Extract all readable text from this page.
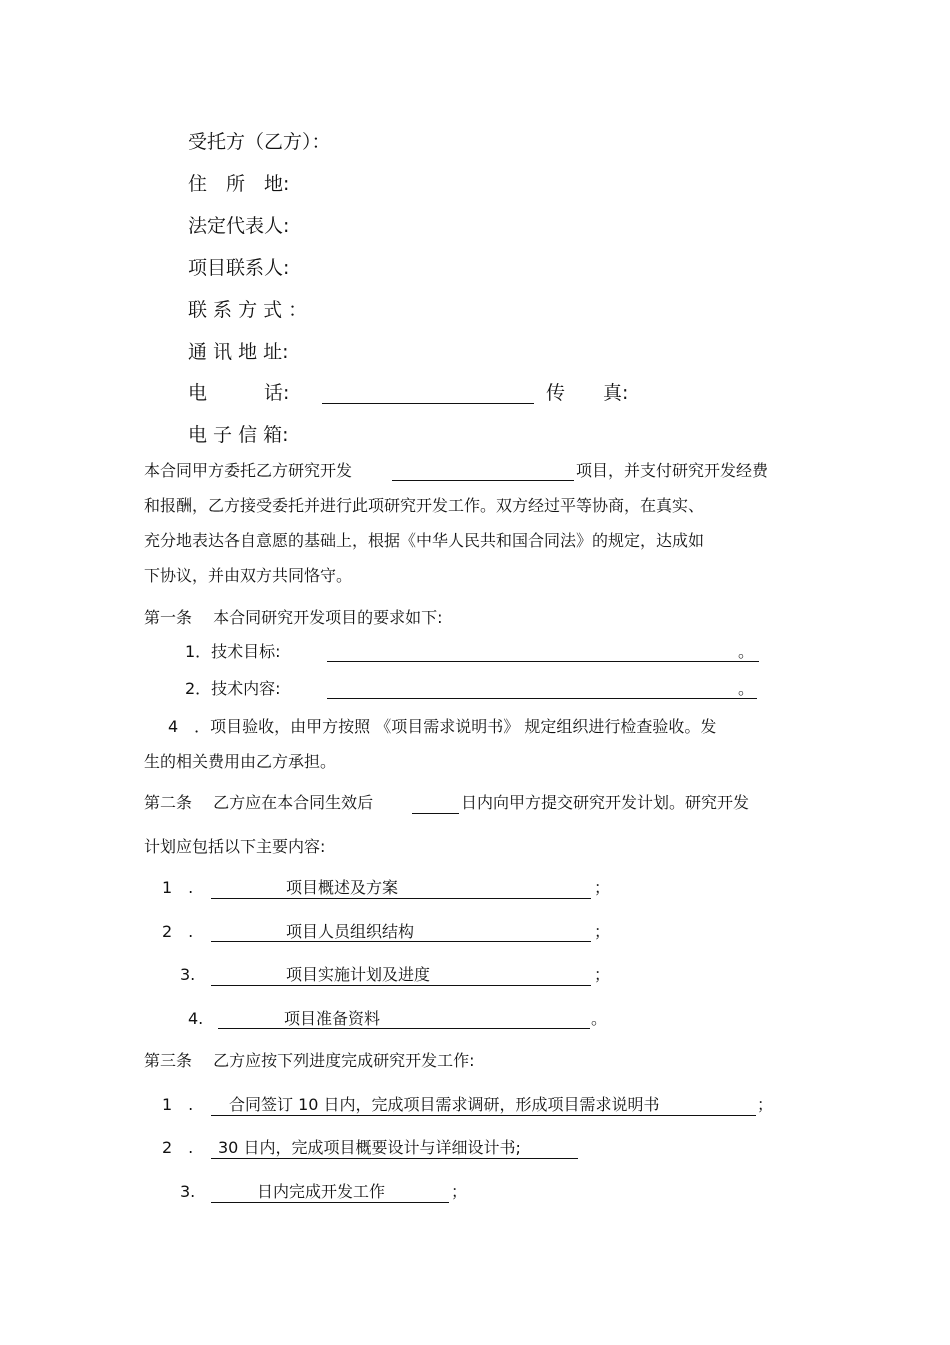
受托方（乙方）：
住　所　地:
法定代表人:
项目联系人:
联 系 方 式 ：
通 讯 地 址:
电　　　话:	传　　真:
电 子 信 箱:
本合同甲方委托乙方研究开发	项目，并支付研究开发经费
和报酬，乙方接受委托并进行此项研究开发工作。双方经过平等协商，在真实、
充分地表达各自意愿的基础上，根据《中华人民共和国合同法》的规定，达成如
下协议，并由双方共同恪守。
第一条　 本合同研究开发项目的要求如下:
1．技术目标:	。
2．技术内容:	。
4　．项目验收，由甲方按照 《项目需求说明书》 规定组织进行检查验收。发
生的相关费用由乙方承担。
第二条　 乙方应在本合同生效后	日内向甲方提交研究开发计划。研究开发
计划应包括以下主要内容:
1　.	项目概述及方案	；
2　.	项目人员组织结构	；
3.	项目实施计划及进度	；
4.	项目准备资料	。
第三条　 乙方应按下列进度完成研究开发工作:
1　. 合同签订 10 日内，完成项目需求调研，形成项目需求说明书	；
2　. 30 日内，完成项目概要设计与详细设计书;
3.	日内完成开发工作	；
